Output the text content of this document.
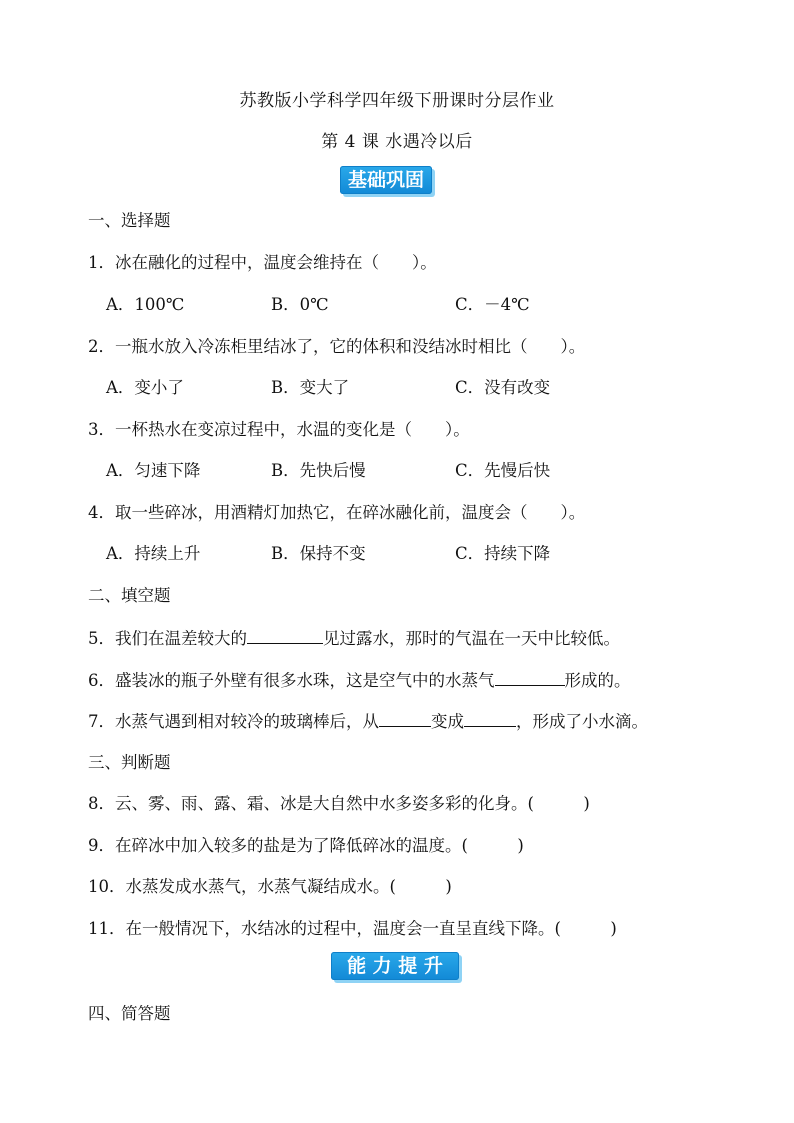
苏教版小学科学四年级下册课时分层作业
第 4 课 水遇冷以后
基础巩固
一、选择题
1．冰在融化的过程中，温度会维持在（　　）。
A．100℃	B．0℃	C．－4℃
2．一瓶水放入冷冻柜里结冰了，它的体积和没结冰时相比（　　）。
A．变小了	B．变大了	C．没有改变
3．一杯热水在变凉过程中，水温的变化是（　　）。
A．匀速下降	B．先快后慢	C．先慢后快
4．取一些碎冰，用酒精灯加热它，在碎冰融化前，温度会（　　）。
A．持续上升	B．保持不变	C．持续下降
二、填空题
5．我们在温差较大的	见过露水，那时的气温在一天中比较低。
6．盛装冰的瓶子外壁有很多水珠，这是空气中的水蒸气	形成的。
7．水蒸气遇到相对较冷的玻璃棒后，从	变成	，形成了小水滴。
三、判断题
8．云、雾、雨、露、霜、冰是大自然中水多姿多彩的化身。(　　　)
9．在碎冰中加入较多的盐是为了降低碎冰的温度。(　　　)
10．水蒸发成水蒸气，水蒸气凝结成水。(　　　)
11．在一般情况下，水结冰的过程中，温度会一直呈直线下降。(　　　)
能 力 提 升
四、简答题
